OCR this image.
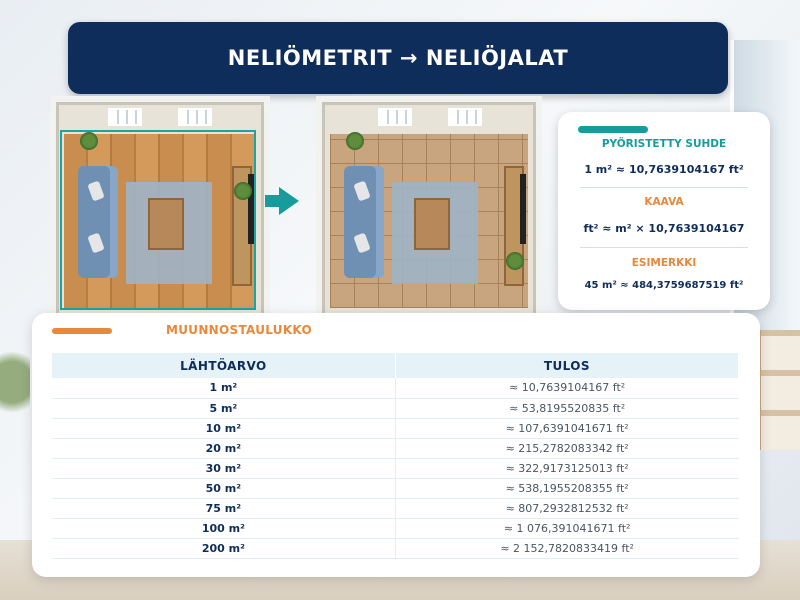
NELIÖMETRIT → NELIÖJALAT
PYÖRISTETTY SUHDE
1 m² ≈ 10,7639104167 ft²
KAAVA
ft² ≈ m² × 10,7639104167
ESIMERKKI
45 m² ≈ 484,3759687519 ft²
MUUNNOSTAULUKKO
LÄHTÖARVO	TULOS
1 m²	≈ 10,7639104167 ft²
5 m²	≈ 53,8195520835 ft²
10 m²	≈ 107,6391041671 ft²
20 m²	≈ 215,2782083342 ft²
30 m²	≈ 322,9173125013 ft²
50 m²	≈ 538,1955208355 ft²
75 m²	≈ 807,2932812532 ft²
100 m²	≈ 1 076,391041671 ft²
200 m²	≈ 2 152,7820833419 ft²
